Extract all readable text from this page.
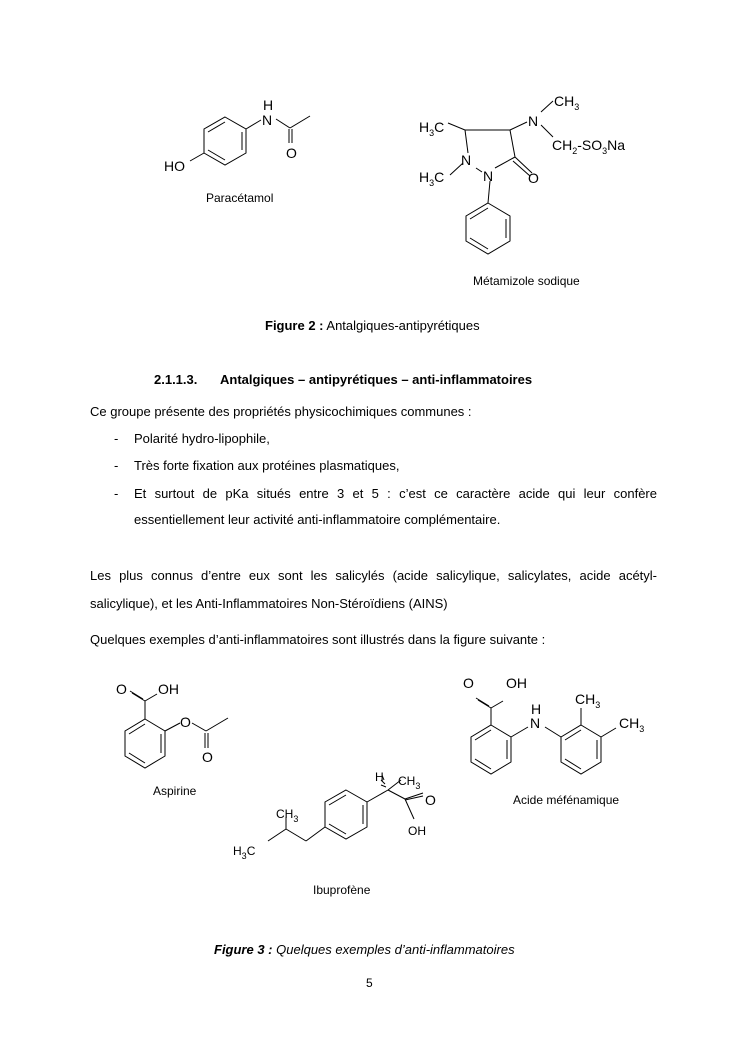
H
N
O
HO
Paracétamol
$CH_3$
N
$H_3C$
$CH_2-SO_3Na$
N
$H_3C$	N O
Métamizole sodique
Figure 2 : Antalgiques-antipyrétiques
2.1.1.3. Antalgiques – antipyrétiques – anti-inflammatoires
Ce groupe présente des propriétés physicochimiques communes :
- Polarité hydro-lipophile,
- Très forte fixation aux protéines plasmatiques,
- Et surtout de pKa situés entre 3 et 5 : c’est ce caractère acide qui leur confère
essentiellement leur activité anti-inflammatoire complémentaire.
Les plus connus d’entre eux sont les salicylés (acide salicylique, salicylates, acide acétyl-
salicylique), et les Anti-Inflammatoires Non-Stéroïdiens (AINS)
Quelques exemples d’anti-inflammatoires sont illustrés dans la figure suivante :
O OH
O
O
Aspirine
H $CH_3$
O
OH
$CH_3$
$H_3C$
Ibuprofène
O OH
H
N
$CH_3$
$CH_3$
Acide méfénamique
Figure 3 : Quelques exemples d’anti-inflammatoires
5
